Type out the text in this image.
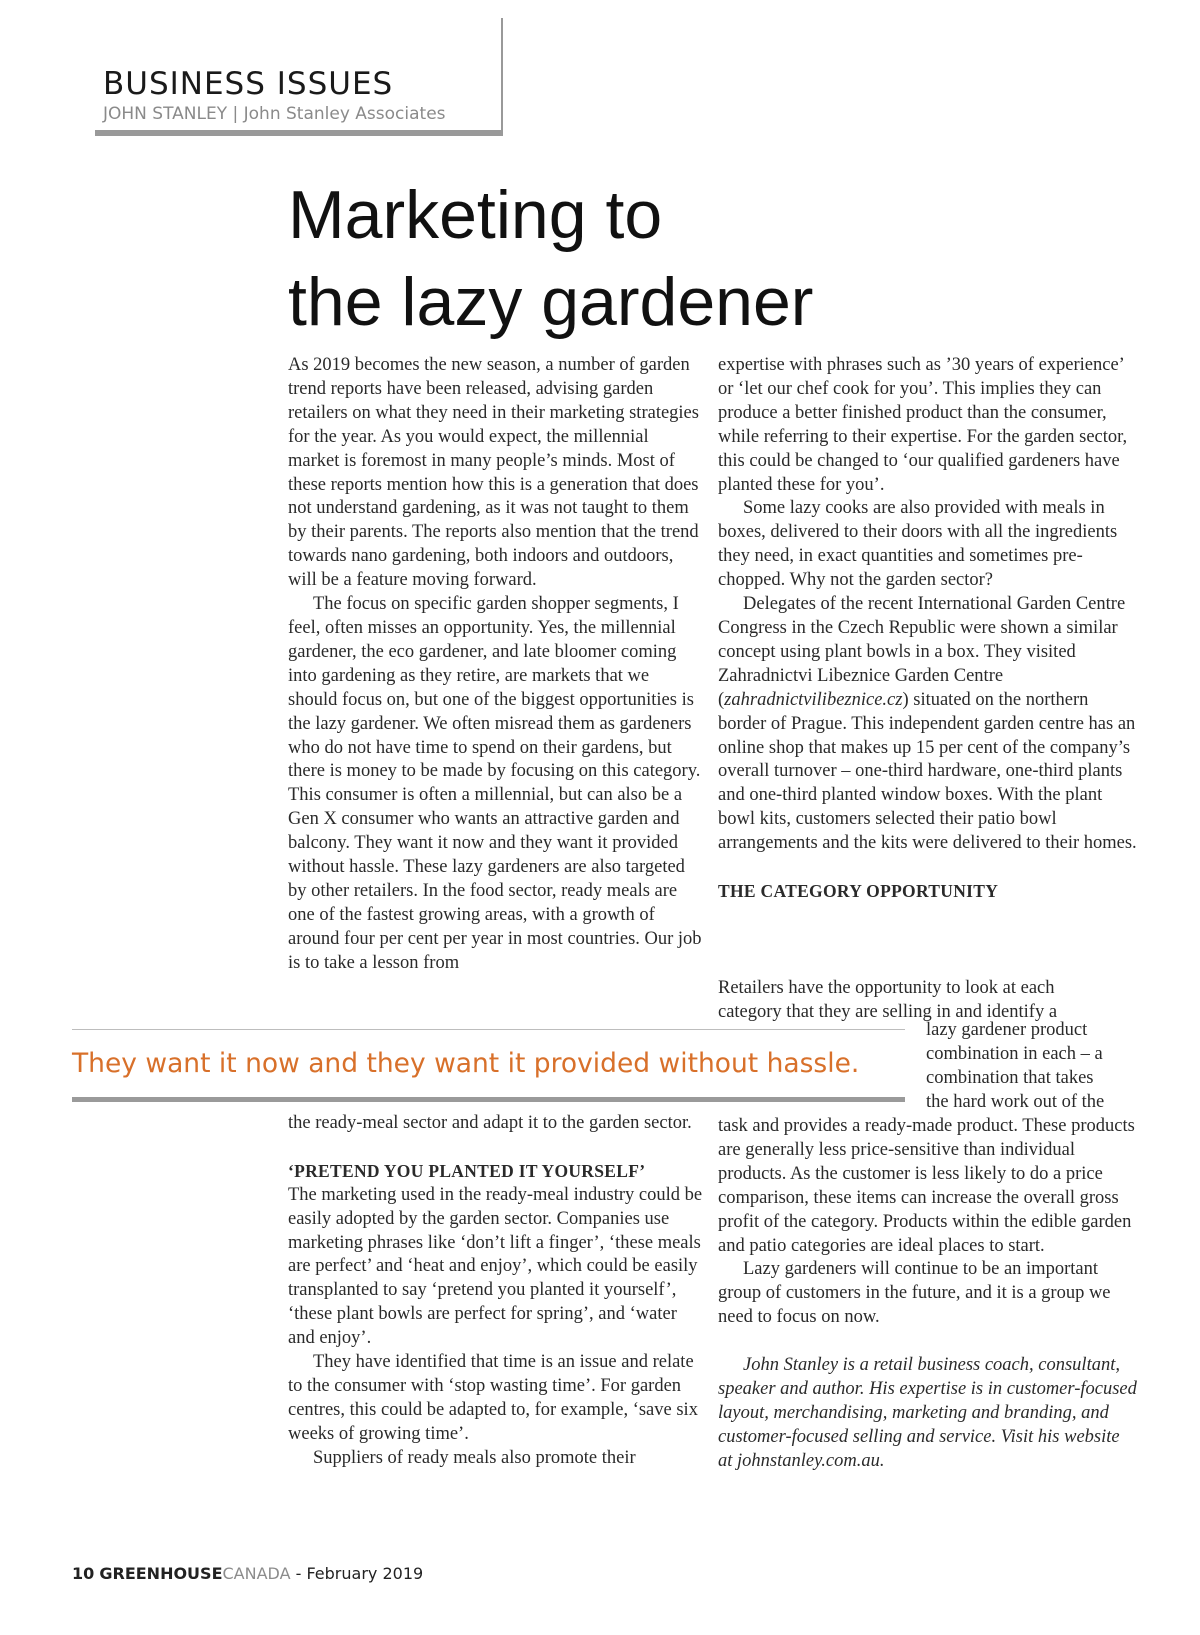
BUSINESS ISSUES
JOHN STANLEY | John Stanley Associates
Marketing to
the lazy gardener

As 2019 becomes the new season, a number of garden trend reports have been released, advising garden retailers on what they need in their marketing strategies for the year. As you would expect, the millennial market is foremost in many people’s minds. Most of these reports mention how this is a generation that does not understand gardening, as it was not taught to them by their parents. The reports also mention that the trend towards nano gardening, both indoors and outdoors, will be a feature moving forward.

The focus on specific garden shopper segments, I feel, often misses an opportunity. Yes, the millennial gardener, the eco gardener, and late bloomer coming into gardening as they retire, are markets that we should focus on, but one of the biggest opportunities is the lazy gardener. We often misread them as gardeners who do not have time to spend on their gardens, but there is money to be made by focusing on this category. This consumer is often a millennial, but can also be a Gen X consumer who wants an attractive garden and balcony. They want it now and they want it provided without hassle. These lazy gardeners are also targeted by other retailers. In the food sector, ready meals are one of the fastest growing areas, with a growth of around four per cent per year in most countries. Our job is to take a lesson from

They want it now and they want it provided without hassle.

the ready-meal sector and adapt it to the garden sector.

‘PRETEND YOU PLANTED IT YOURSELF’

The marketing used in the ready-meal industry could be easily adopted by the garden sector. Companies use marketing phrases like ‘don’t lift a finger’, ‘these meals are perfect’ and ‘heat and enjoy’, which could be easily transplanted to say ‘pretend you planted it yourself’, ‘these plant bowls are perfect for spring’, and ‘water and enjoy’.

They have identified that time is an issue and relate to the consumer with ‘stop wasting time’. For garden centres, this could be adapted to, for example, ‘save six weeks of growing time’.

Suppliers of ready meals also promote their

expertise with phrases such as ’30 years of experience’ or ‘let our chef cook for you’. This implies they can produce a better finished product than the consumer, while referring to their expertise. For the garden sector, this could be changed to ‘our qualified gardeners have planted these for you’.

Some lazy cooks are also provided with meals in boxes, delivered to their doors with all the ingredients they need, in exact quantities and sometimes pre-chopped. Why not the garden sector?

Delegates of the recent International Garden Centre Congress in the Czech Republic were shown a similar concept using plant bowls in a box. They visited Zahradnictvi Libeznice Garden Centre (zahradnictvilibeznice.cz) situated on the northern border of Prague. This independent garden centre has an online shop that makes up 15 per cent of the company’s overall turnover – one-third hardware, one-third plants and one-third planted window boxes. With the plant bowl kits, customers selected their patio bowl arrangements and the kits were delivered to their homes.

THE CATEGORY OPPORTUNITY
Retailers have the opportunity to look at each
category that they are selling in and identify a
lazy gardener product
combination in each – a
combination that takes
the hard work out of the

task and provides a ready-made product. These products are generally less price-sensitive than individual products. As the customer is less likely to do a price comparison, these items can increase the overall gross profit of the category. Products within the edible garden and patio categories are ideal places to start.

Lazy gardeners will continue to be an important group of customers in the future, and it is a group we need to focus on now.

John Stanley is a retail business coach, consultant, speaker and author. His expertise is in customer-focused layout, merchandising, marketing and branding, and customer-focused selling and service. Visit his website at johnstanley.com.au.

10 GREENHOUSECANADA - February 2019
